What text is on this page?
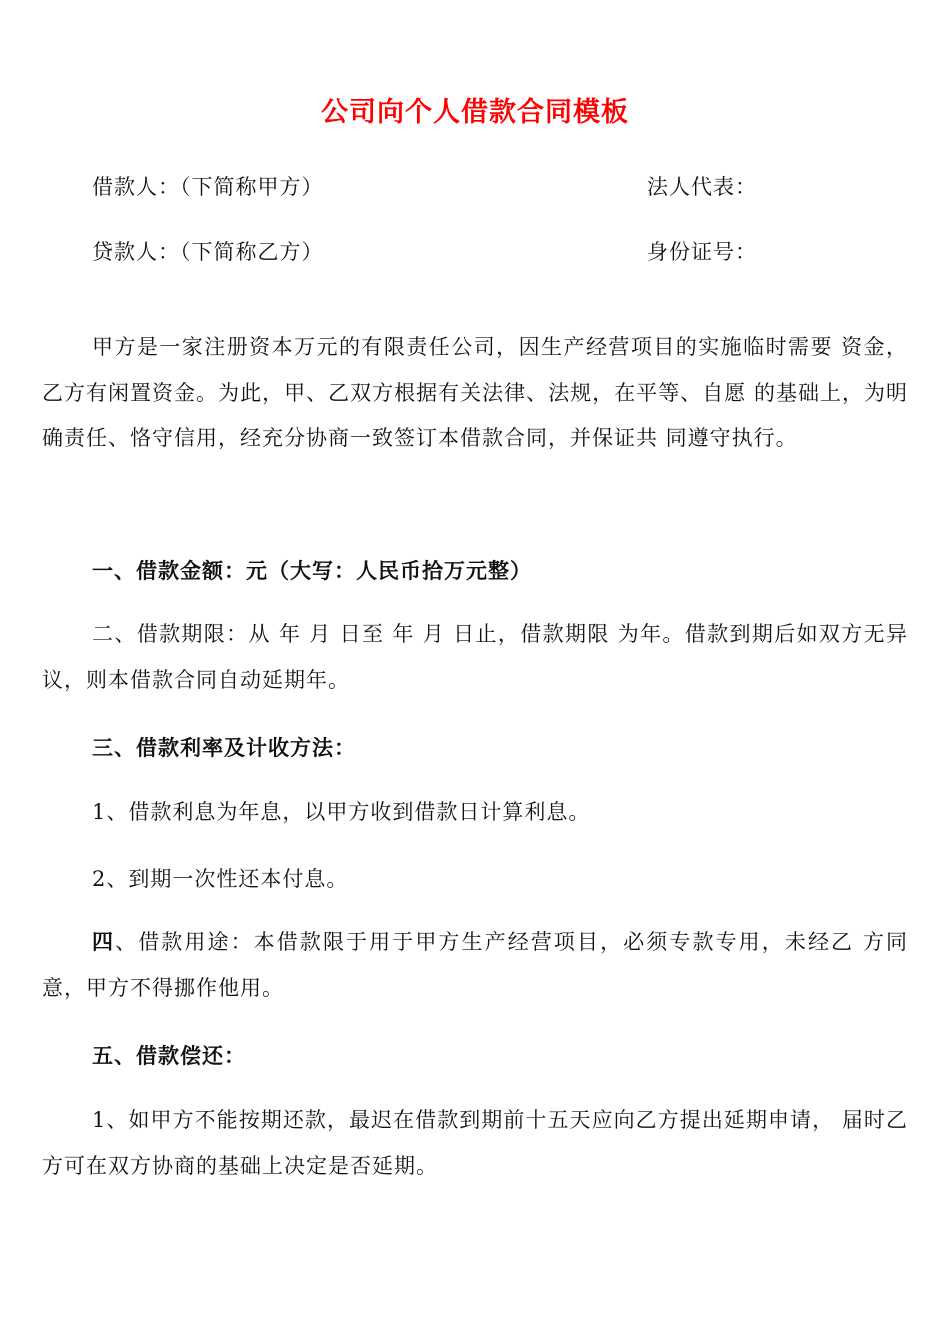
公司向个人借款合同模板
借款人：（下简称甲方）	法人代表：
贷款人：（下简称乙方）	身份证号：

甲方是一家注册资本万元的有限责任公司，因生产经营项目的实施临时需要 资金，乙方有闲置资金。为此，甲、乙双方根据有关法律、法规，在平等、自愿 的基础上，为明确责任、恪守信用，经充分协商一致签订本借款合同，并保证共 同遵守执行。

一、借款金额：元（大写：人民币拾万元整）

二、借款期限：从 年 月 日至 年 月 日止，借款期限 为年。借款到期后如双方无异议，则本借款合同自动延期年。

三、借款利率及计收方法：
1、借款利息为年息，以甲方收到借款日计算利息。
2、到期一次性还本付息。

四、借款用途：本借款限于用于甲方生产经营项目，必须专款专用，未经乙 方同意，甲方不得挪作他用。

五、借款偿还：

1、如甲方不能按期还款，最迟在借款到期前十五天应向乙方提出延期申请， 届时乙方可在双方协商的基础上决定是否延期。
